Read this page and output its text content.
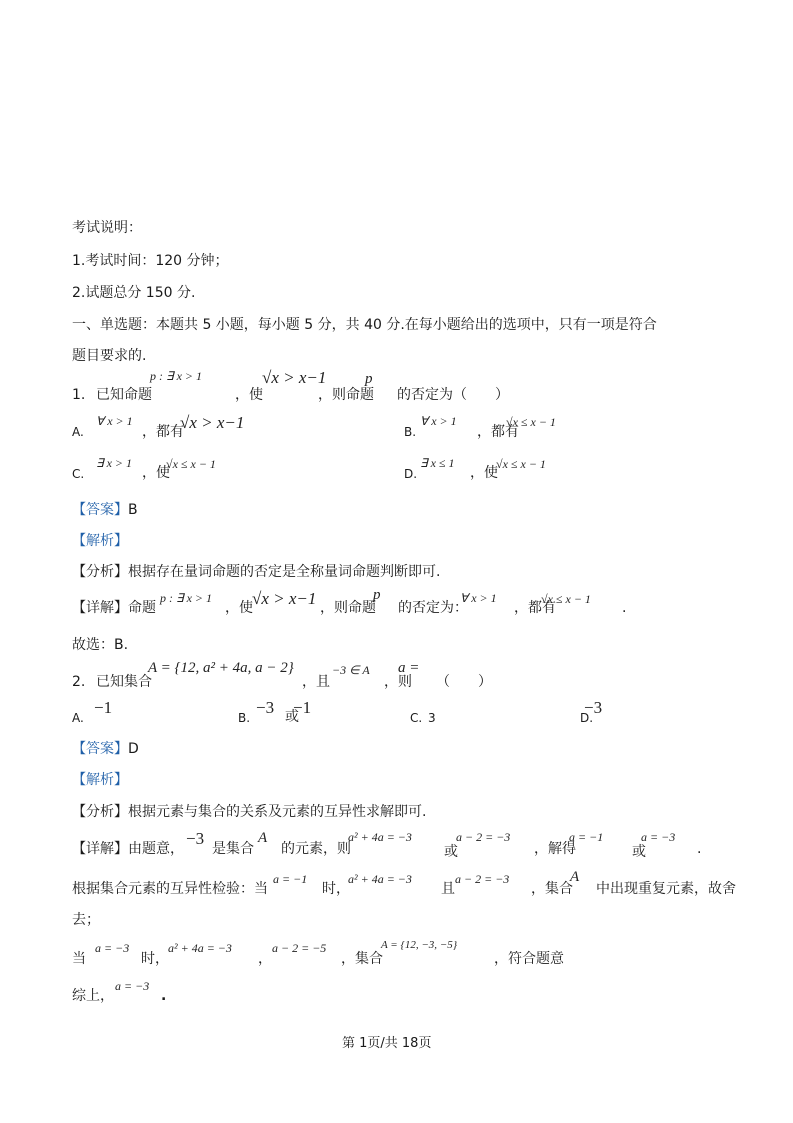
考试说明：
1.考试时间：120 分钟；
2.试题总分 150 分.
一、单选题：本题共 5 小题，每小题 5 分，共 40 分.在每小题给出的选项中，只有一项是符合
题目要求的.
1. 已知命题
p : ∃ x > 1
，使
√x > x−1
，则命题
p
的否定为（　　）
A.
∀ x > 1
，都有
√x > x−1	B.
∀ x > 1
，都有
√x ≤ x − 1
C.
∃ x > 1
，使
√x ≤ x − 1
D.
∃ x ≤ 1
，使
√x ≤ x − 1
【答案】B
【解析】
【分析】根据存在量词命题的否定是全称量词命题判断即可.
【详解】 命题
p : ∃ x > 1
，使 √x > x−1 ，则命题
p
的否定为：
∀ x > 1
，都有
√x ≤ x − 1
.
故选：B.
2. 已知集合
A = {12, a² + 4a, a − 2}
，且
−3 ∈ A
，则
a =
（　　）
A.
−1
B.
−3 或
−1
C. 3	D.
−3
【答案】D
【解析】
【分析】根据元素与集合的关系及元素的互异性求解即可.
【详解】 由题意，
−3
是集合
A
的元素，则
a² + 4a = −3
或
a − 2 = −3
，解得
a = −1
或
a = −3
.
根据集合元素的互异性检验：当
a = −1
时，
a² + 4a = −3
且
a − 2 = −3
，集合
A
中出现重复元素，故舍
去；
当
a = −3
时，
a² + 4a = −3
，
a − 2 = −5
，集合
A = {12, −3, −5}
，符合题意
综上，
a = −3
.
第 1页/共 18页
